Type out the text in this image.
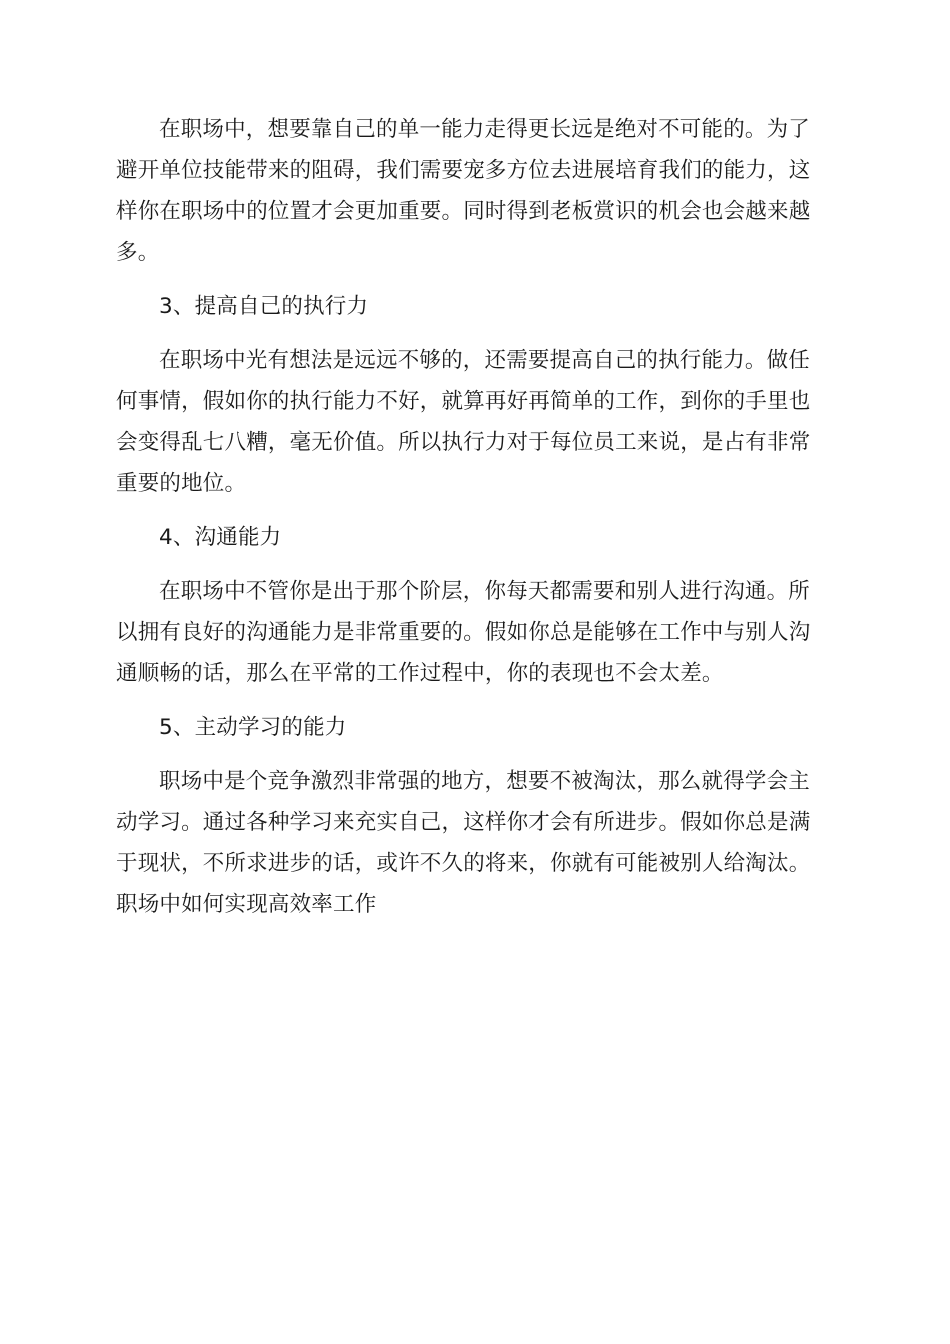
在职场中，想要靠自己的单一能力走得更长远是绝对不可能的。为了
避开单位技能带来的阻碍，我们需要宠多方位去进展培育我们的能力，这
样你在职场中的位置才会更加重要。同时得到老板赏识的机会也会越来越
多。
3、提高自己的执行力
在职场中光有想法是远远不够的，还需要提高自己的执行能力。做任
何事情，假如你的执行能力不好，就算再好再简单的工作，到你的手里也
会变得乱七八糟，毫无价值。所以执行力对于每位员工来说，是占有非常
重要的地位。
4、沟通能力
在职场中不管你是出于那个阶层，你每天都需要和别人进行沟通。所
以拥有良好的沟通能力是非常重要的。假如你总是能够在工作中与别人沟
通顺畅的话，那么在平常的工作过程中，你的表现也不会太差。
5、主动学习的能力
职场中是个竞争激烈非常强的地方，想要不被淘汰，那么就得学会主
动学习。通过各种学习来充实自己，这样你才会有所进步。假如你总是满
于现状，不所求进步的话，或许不久的将来，你就有可能被别人给淘汰。
职场中如何实现高效率工作
